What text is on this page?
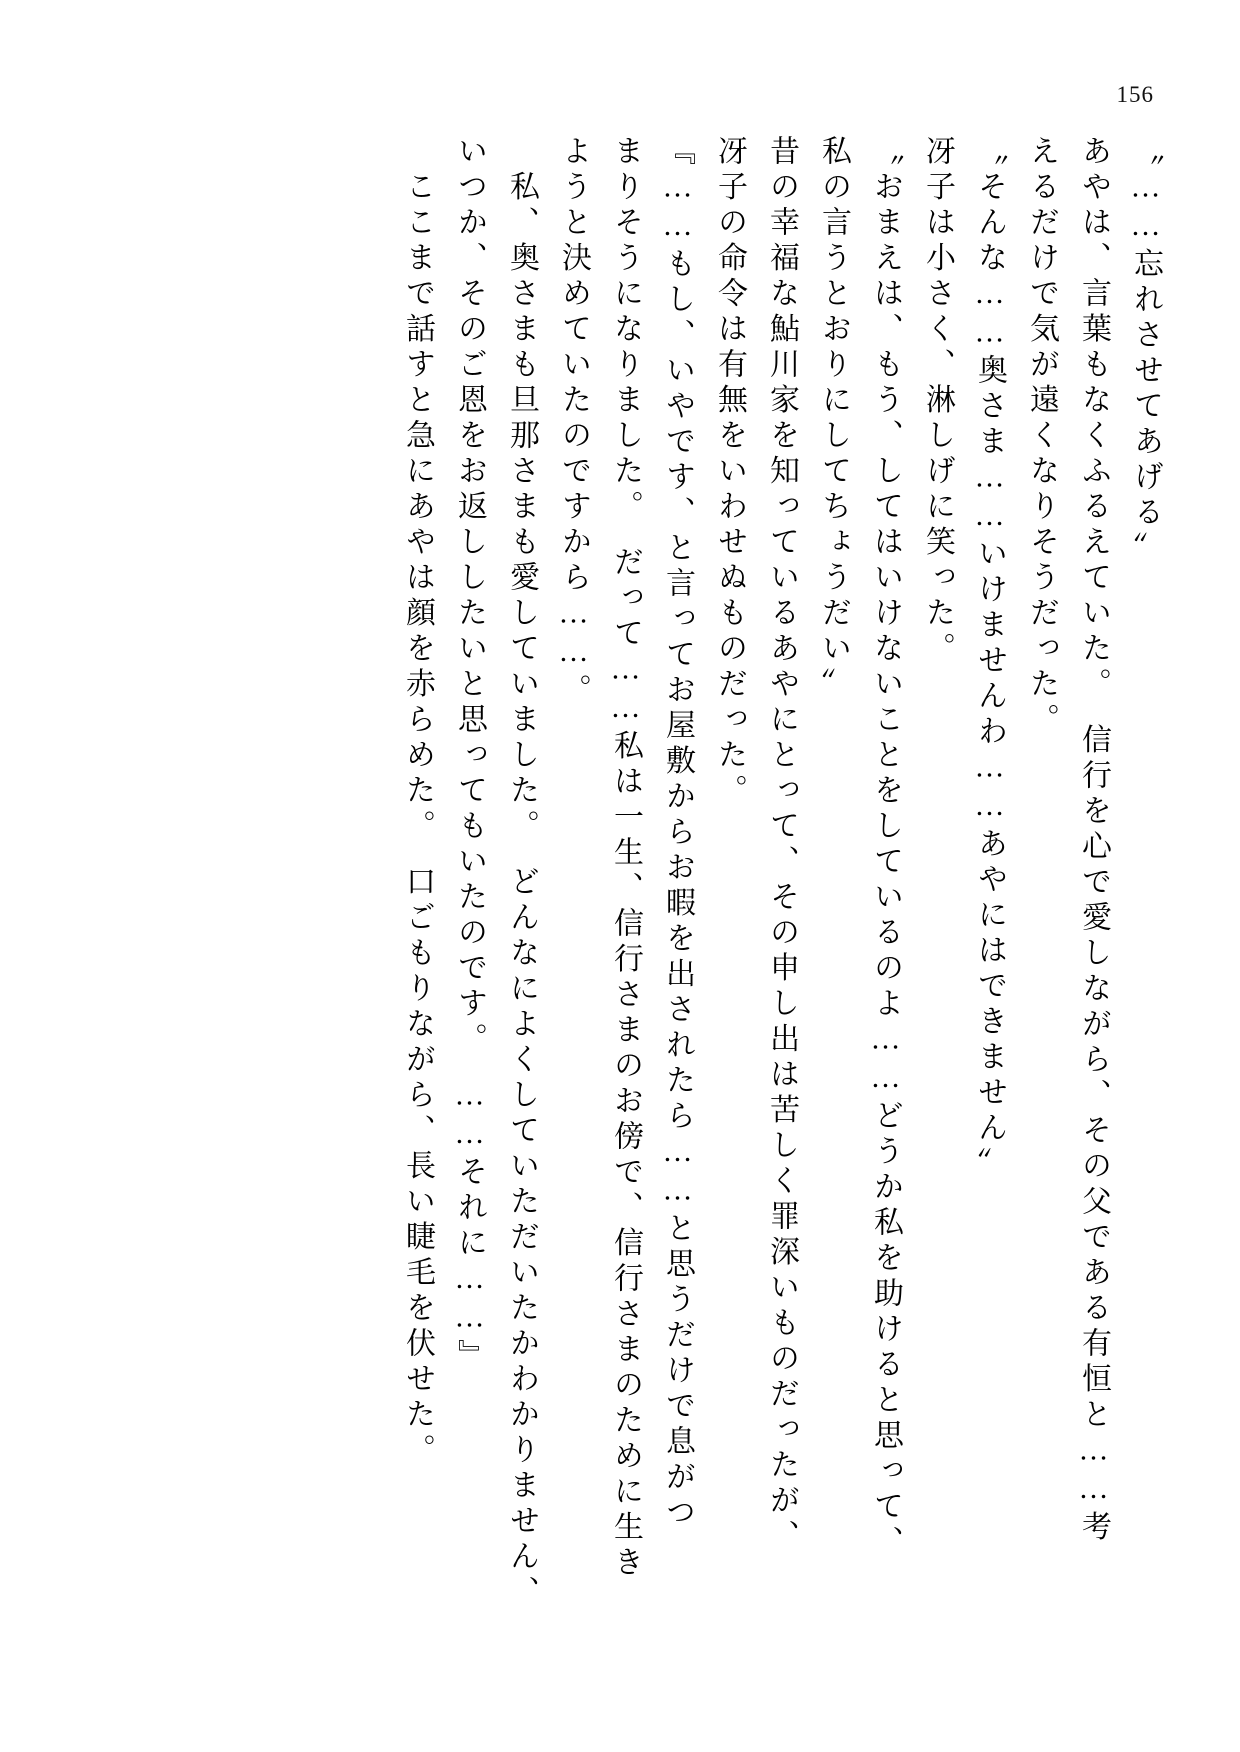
156
〝……忘れさせてあげる〟
あやは、言葉もなくふるえていた。　信行を心で愛しながら、その父である有恒と……考
えるだけで気が遠くなりそうだった。
〝そんな……奥さま……いけませんわ……あやにはできません〟
冴子は小さく、淋しげに笑った。
〝おまえは、もう、してはいけないことをしているのよ……どうか私を助けると思って、
私の言うとおりにしてちょうだい〟
昔の幸福な鮎川家を知っているあやにとって、その申し出は苦しく罪深いものだったが、
冴子の命令は有無をいわせぬものだった。
『……もし、いやです、と言ってお屋敷からお暇を出されたら……と思うだけで息がつ
まりそうになりました。　だって……私は一生、信行さまのお傍で、信行さまのために生き
ようと決めていたのですから……。
　私、奥さまも旦那さまも愛していました。　どんなによくしていただいたかわかりません、
いつか、そのご恩をお返ししたいと思ってもいたのです。　……それに……』
　ここまで話すと急にあやは顔を赤らめた。　口ごもりながら、長い睫毛を伏せた。
